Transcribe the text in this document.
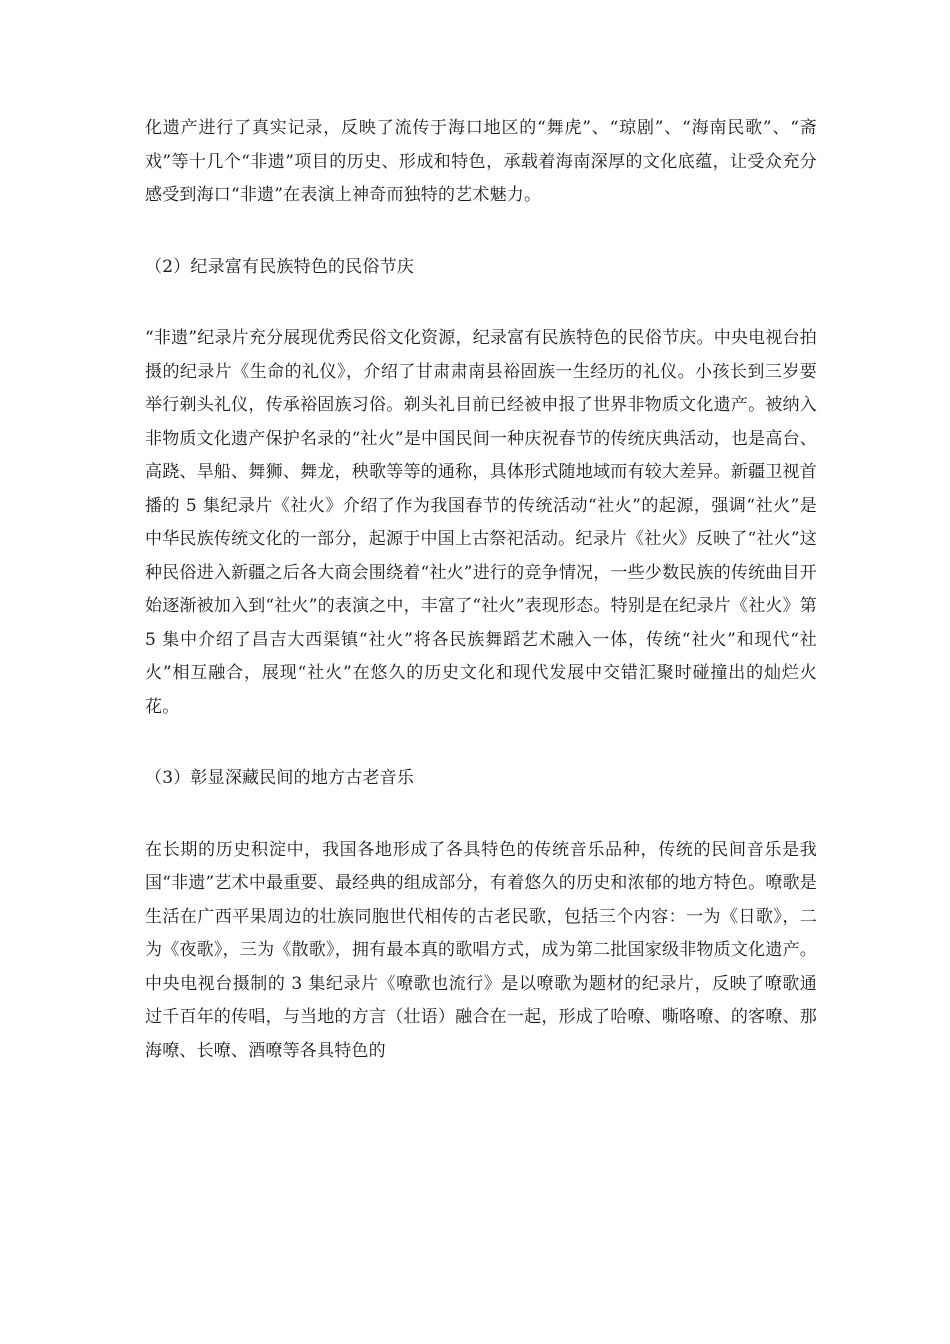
化遗产进行了真实记录，反映了流传于海口地区的“舞虎”、“琼剧”、“海南民歌”、“斋戏”等十几个“非遗”项目的历史、形成和特色，承载着海南深厚的文化底蕴，让受众充分感受到海口“非遗”在表演上神奇而独特的艺术魅力。

（2）纪录富有民族特色的民俗节庆

“非遗”纪录片充分展现优秀民俗文化资源，纪录富有民族特色的民俗节庆。中央电视台拍摄的纪录片《生命的礼仪》，介绍了甘肃肃南县裕固族一生经历的礼仪。小孩长到三岁要举行剃头礼仪，传承裕固族习俗。剃头礼目前已经被申报了世界非物质文化遗产。被纳入非物质文化遗产保护名录的“社火”是中国民间一种庆祝春节的传统庆典活动，也是高台、高跷、旱船、舞狮、舞龙，秧歌等等的通称，具体形式随地域而有较大差异。新疆卫视首播的 5 集纪录片《社火》介绍了作为我国春节的传统活动“社火”的起源，强调“社火”是中华民族传统文化的一部分，起源于中国上古祭祀活动。纪录片《社火》反映了“社火”这种民俗进入新疆之后各大商会围绕着“社火”进行的竞争情况，一些少数民族的传统曲目开始逐渐被加入到“社火”的表演之中，丰富了“社火”表现形态。特别是在纪录片《社火》第 5 集中介绍了昌吉大西渠镇“社火”将各民族舞蹈艺术融入一体，传统“社火”和现代“社火”相互融合，展现“社火”在悠久的历史文化和现代发展中交错汇聚时碰撞出的灿烂火花。

（3）彰显深藏民间的地方古老音乐

在长期的历史积淀中，我国各地形成了各具特色的传统音乐品种，传统的民间音乐是我国“非遗”艺术中最重要、最经典的组成部分，有着悠久的历史和浓郁的地方特色。嘹歌是生活在广西平果周边的壮族同胞世代相传的古老民歌，包括三个内容：一为《日歌》，二为《夜歌》，三为《散歌》，拥有最本真的歌唱方式，成为第二批国家级非物质文化遗产。中央电视台摄制的 3 集纪录片《嘹歌也流行》是以嘹歌为题材的纪录片，反映了嘹歌通过千百年的传唱，与当地的方言（壮语）融合在一起，形成了哈嘹、嘶咯嘹、的客嘹、那海嘹、长嘹、酒嘹等各具特色的
